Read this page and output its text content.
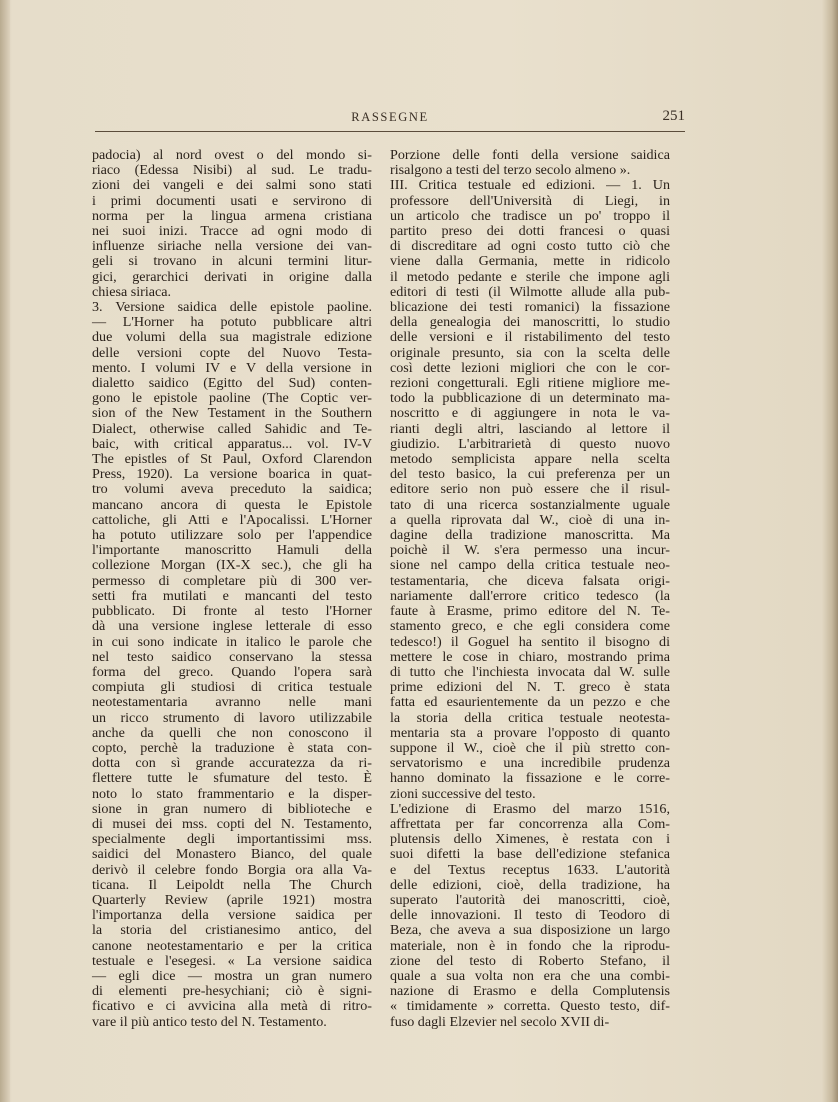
RASSEGNE	251
padocia) al nord ovest o del mondo si-
riaco (Edessa Nisibi) al sud. Le tradu-
zioni dei vangeli e dei salmi sono stati
i primi documenti usati e servirono di
norma per la lingua armena cristiana
nei suoi inizi. Tracce ad ogni modo di
influenze siriache nella versione dei van-
geli si trovano in alcuni termini litur-
gici, gerarchici derivati in origine dalla
chiesa siriaca.
3. Versione saidica delle epistole paoline.
— L'Horner ha potuto pubblicare altri
due volumi della sua magistrale edizione
delle versioni copte del Nuovo Testa-
mento. I volumi IV e V della versione in
dialetto saidico (Egitto del Sud) conten-
gono le epistole paoline (The Coptic ver-
sion of the New Testament in the Southern
Dialect, otherwise called Sahidic and Te-
baic, with critical apparatus... vol. IV-V
The epistles of St Paul, Oxford Clarendon
Press, 1920). La versione boarica in quat-
tro volumi aveva preceduto la saidica;
mancano ancora di questa le Epistole
cattoliche, gli Atti e l'Apocalissi. L'Horner
ha potuto utilizzare solo per l'appendice
l'importante manoscritto Hamuli della
collezione Morgan (IX-X sec.), che gli ha
permesso di completare più di 300 ver-
setti fra mutilati e mancanti del testo
pubblicato. Di fronte al testo l'Horner
dà una versione inglese letterale di esso
in cui sono indicate in italico le parole che
nel testo saidico conservano la stessa
forma del greco. Quando l'opera sarà
compiuta gli studiosi di critica testuale
neotestamentaria avranno nelle mani
un ricco strumento di lavoro utilizzabile
anche da quelli che non conoscono il
copto, perchè la traduzione è stata con-
dotta con sì grande accuratezza da ri-
flettere tutte le sfumature del testo. È
noto lo stato frammentario e la disper-
sione in gran numero di biblioteche e
di musei dei mss. copti del N. Testamento,
specialmente degli importantissimi mss.
saidici del Monastero Bianco, del quale
derivò il celebre fondo Borgia ora alla Va-
ticana. Il Leipoldt nella The Church
Quarterly Review (aprile 1921) mostra
l'importanza della versione saidica per
la storia del cristianesimo antico, del
canone neotestamentario e per la critica
testuale e l'esegesi. « La versione saidica
— egli dice — mostra un gran numero
di elementi pre-hesychiani; ciò è signi-
ficativo e ci avvicina alla metà di ritro-
vare il più antico testo del N. Testamento.
Porzione delle fonti della versione saidica
risalgono a testi del terzo secolo almeno ».
III. Critica testuale ed edizioni. — 1. Un
professore dell'Università di Liegi, in
un articolo che tradisce un po' troppo il
partito preso dei dotti francesi o quasi
di discreditare ad ogni costo tutto ciò che
viene dalla Germania, mette in ridicolo
il metodo pedante e sterile che impone agli
editori di testi (il Wilmotte allude alla pub-
blicazione dei testi romanici) la fissazione
della genealogia dei manoscritti, lo studio
delle versioni e il ristabilimento del testo
originale presunto, sia con la scelta delle
così dette lezioni migliori che con le cor-
rezioni congetturali. Egli ritiene migliore me-
todo la pubblicazione di un determinato ma-
noscritto e di aggiungere in nota le va-
rianti degli altri, lasciando al lettore il
giudizio. L'arbitrarietà di questo nuovo
metodo semplicista appare nella scelta
del testo basico, la cui preferenza per un
editore serio non può essere che il risul-
tato di una ricerca sostanzialmente uguale
a quella riprovata dal W., cioè di una in-
dagine della tradizione manoscritta. Ma
poichè il W. s'era permesso una incur-
sione nel campo della critica testuale neo-
testamentaria, che diceva falsata origi-
nariamente dall'errore critico tedesco (la
faute à Erasme, primo editore del N. Te-
stamento greco, e che egli considera come
tedesco!) il Goguel ha sentito il bisogno di
mettere le cose in chiaro, mostrando prima
di tutto che l'inchiesta invocata dal W. sulle
prime edizioni del N. T. greco è stata
fatta ed esaurientemente da un pezzo e che
la storia della critica testuale neotesta-
mentaria sta a provare l'opposto di quanto
suppone il W., cioè che il più stretto con-
servatorismo e una incredibile prudenza
hanno dominato la fissazione e le corre-
zioni successive del testo.
L'edizione di Erasmo del marzo 1516,
affrettata per far concorrenza alla Com-
plutensis dello Ximenes, è restata con i
suoi difetti la base dell'edizione stefanica
e del Textus receptus 1633. L'autorità
delle edizioni, cioè, della tradizione, ha
superato l'autorità dei manoscritti, cioè,
delle innovazioni. Il testo di Teodoro di
Beza, che aveva a sua disposizione un largo
materiale, non è in fondo che la riprodu-
zione del testo di Roberto Stefano, il
quale a sua volta non era che una combi-
nazione di Erasmo e della Complutensis
« timidamente » corretta. Questo testo, dif-
fuso dagli Elzevier nel secolo XVII di-
